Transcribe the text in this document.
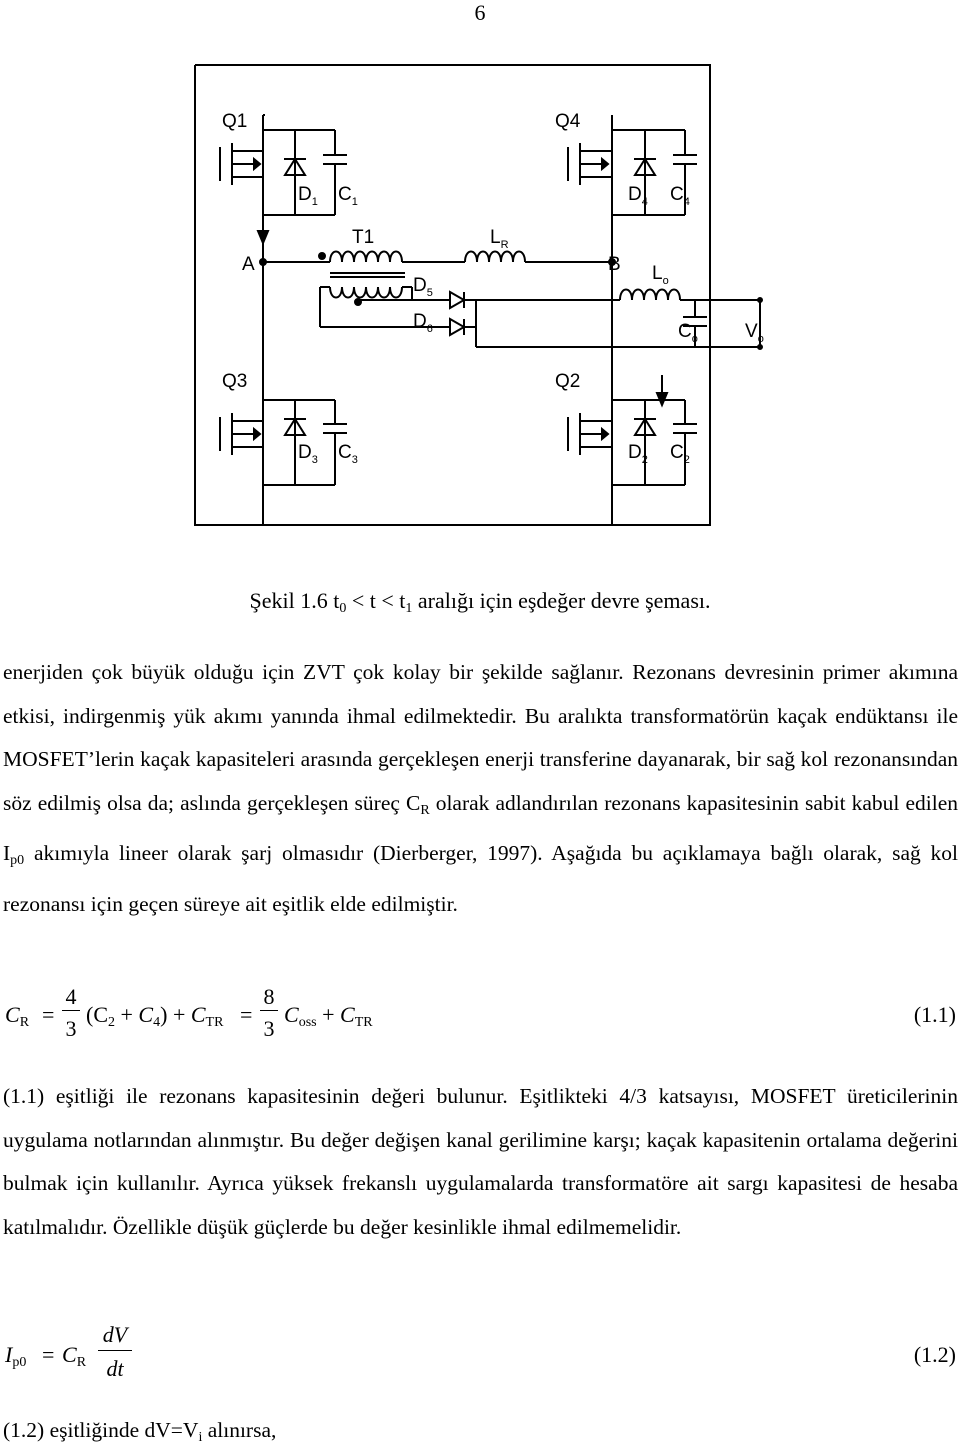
6
Q1	Q4
Q3	Q2
$D_1$ $C_1$	$D_4$ $C_4$
$D_3$ $C_3$	$D_2$ $C_2$
T1	$L_R$
A	B $L_o$
$D_5$
$D_6$	$C_o$ $V_o$
Şekil 1.6 $t_0 < t < t_1$ aralığı için eşdeğer devre şeması.

enerjiden çok büyük olduğu için ZVT çok kolay bir şekilde sağlanır. Rezonans devresinin primer akımına etkisi, indirgenmiş yük akımı yanında ihmal edilmektedir. Bu aralıkta transformatörün kaçak endüktansı ile MOSFET’lerin kaçak kapasiteleri arasında gerçekleşen enerji transferine dayanarak, bir sağ kol rezonansından söz edilmiş olsa da; aslında gerçekleşen süreç $C_R$ olarak adlandırılan rezonans kapasitesinin sabit kabul edilen $I_{p0}$ akımıyla lineer olarak şarj olmasıdır (Dierberger, 1997). Aşağıda bu açıklamaya bağlı olarak, sağ kol rezonansı için geçen süreye ait eşitlik elde edilmiştir.

$C_R$ =
4
3
$(C_2 + C_4) + C_{TR}$ =
8
3
$C_{oss} + C_{TR}$	(1.1)

(1.1) eşitliği ile rezonans kapasitesinin değeri bulunur. Eşitlikteki 4/3 katsayısı, MOSFET üreticilerinin uygulama notlarından alınmıştır. Bu değer değişen kanal gerilimine karşı; kaçak kapasitenin ortalama değerini bulmak için kullanılır. Ayrıca yüksek frekanslı uygulamalarda transformatöre ait sargı kapasitesi de hesaba katılmalıdır. Özellikle düşük güçlerde bu değer kesinlikle ihmal edilmemelidir.

$I_{p0} = C_R$
dV
dt
(1.2)
(1.2) eşitliğinde $dV=V_i$ alınırsa,
